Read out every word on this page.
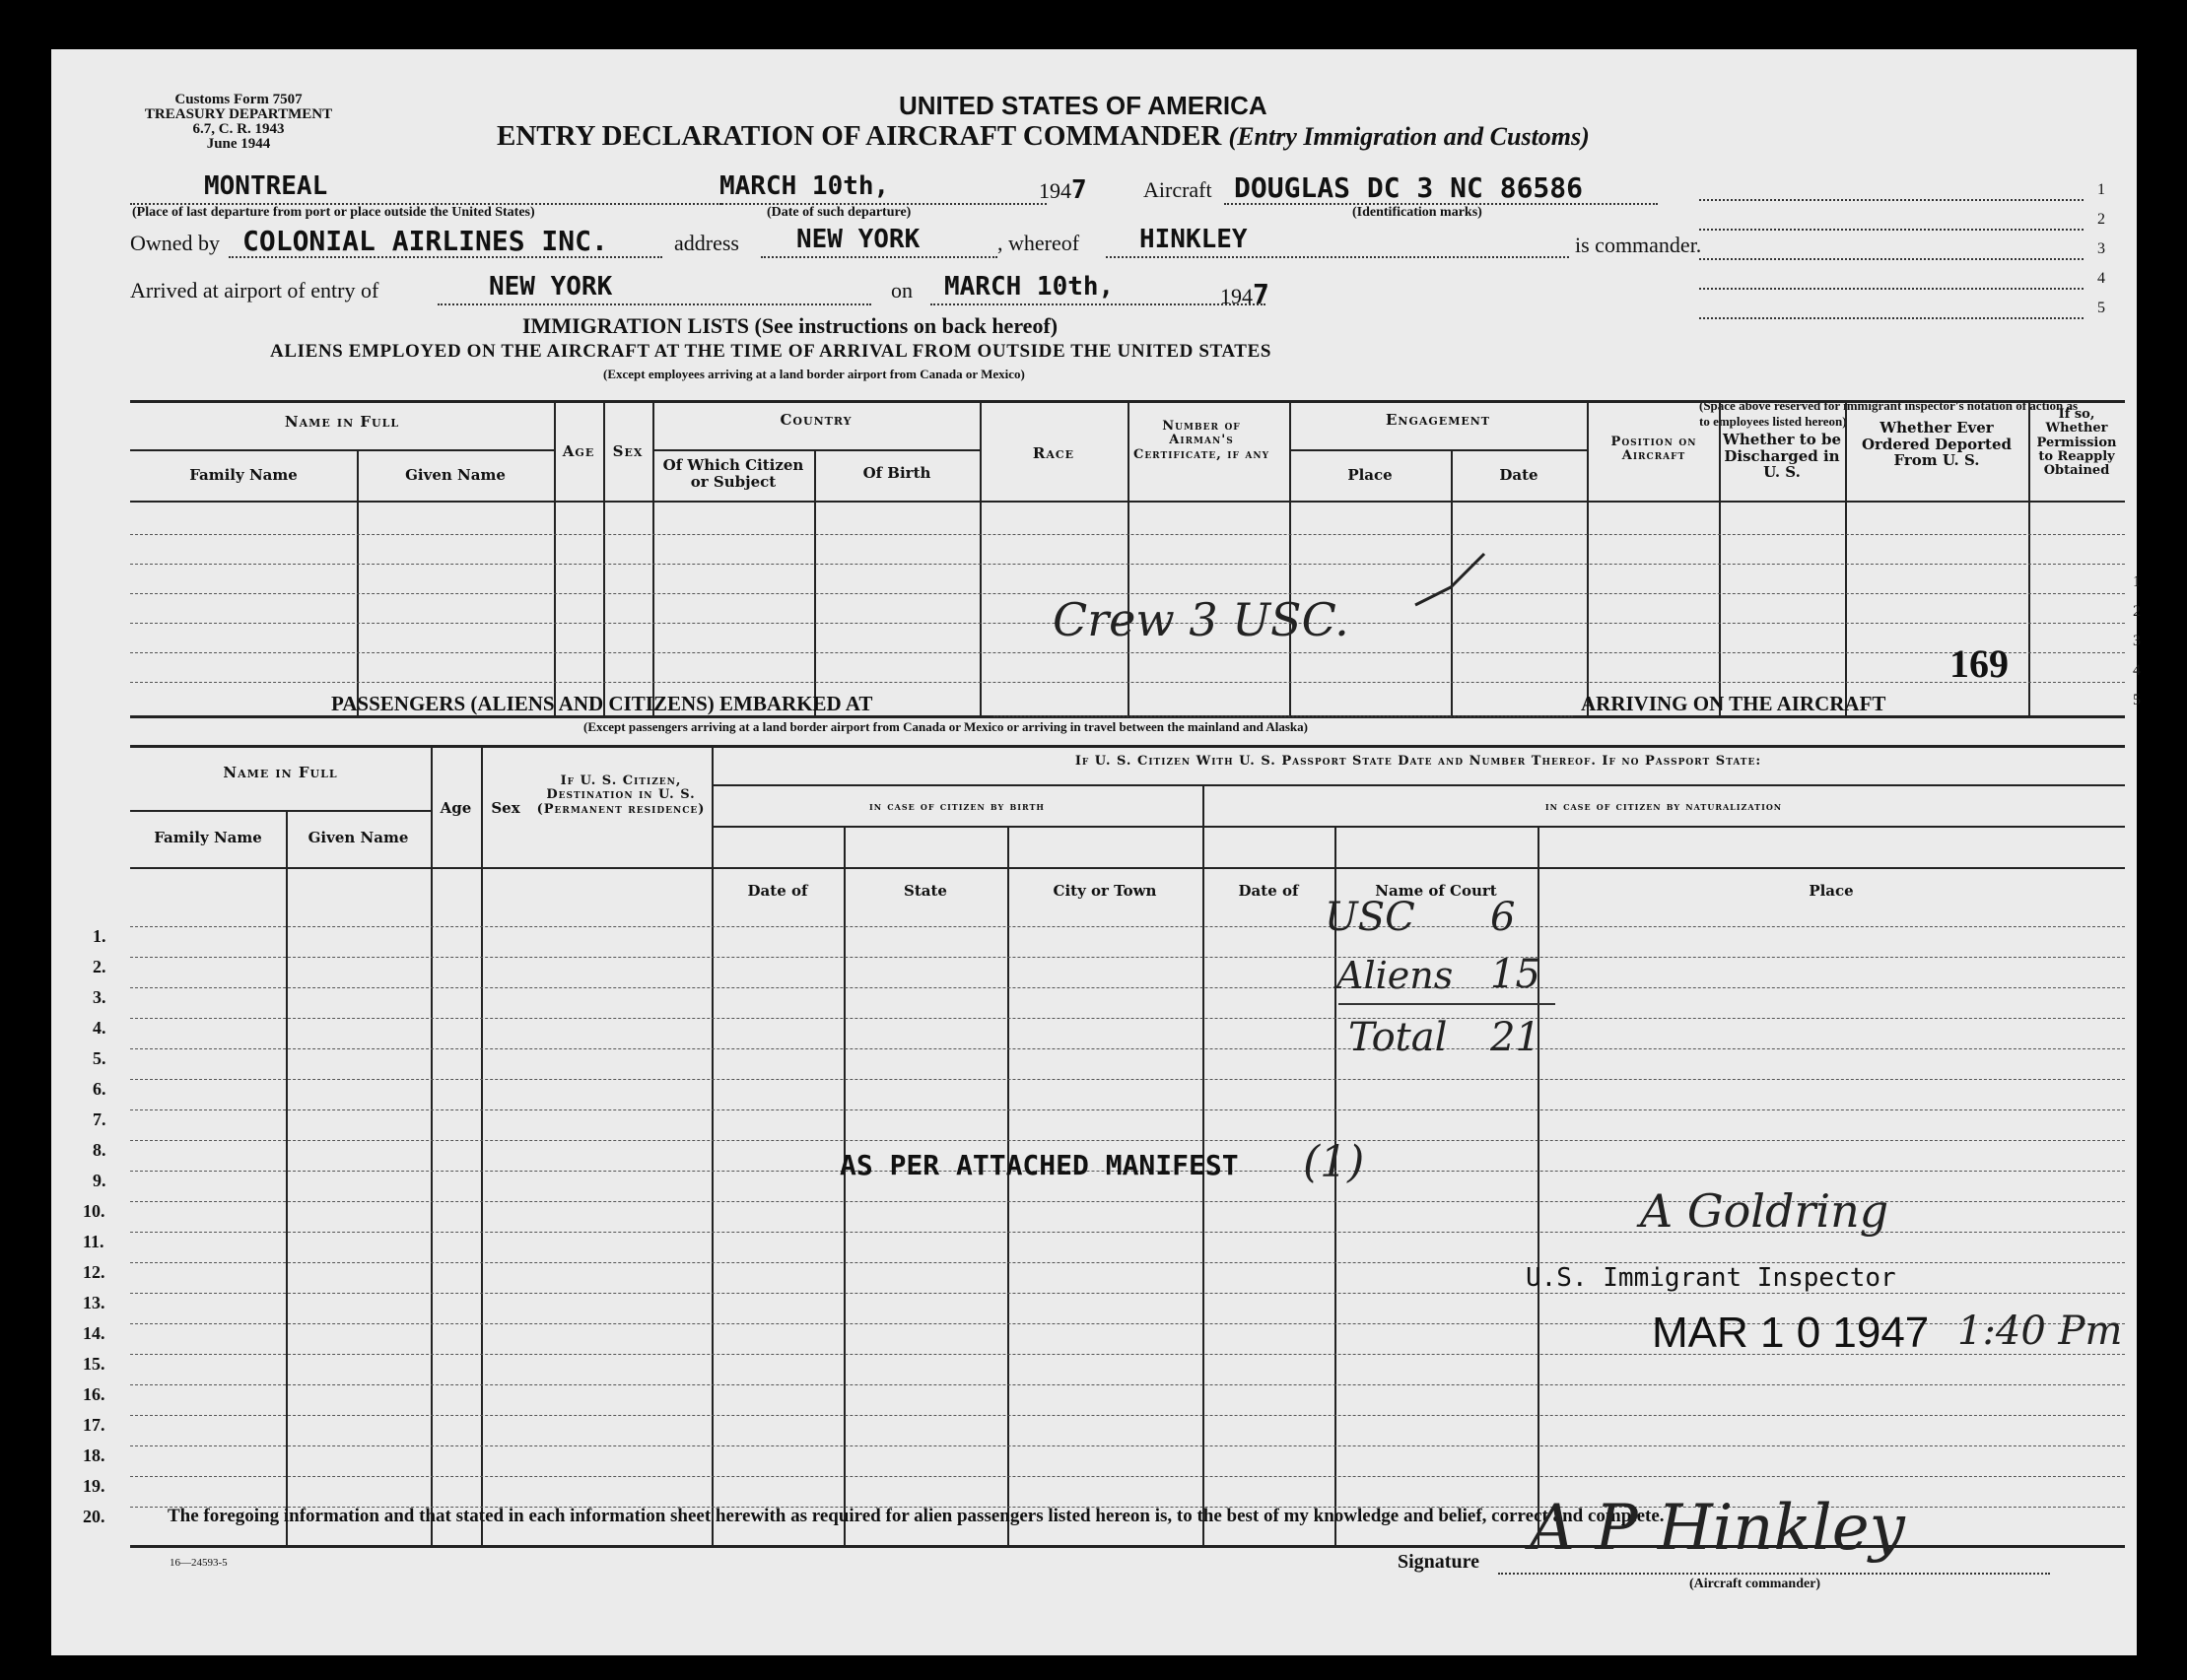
Customs Form 7507
TREASURY DEPARTMENT
6.7, C. R. 1943
June 1944
UNITED STATES OF AMERICA
ENTRY DECLARATION OF AIRCRAFT COMMANDER (Entry Immigration and Customs)
MONTREAL
(Place of last departure from port or place outside the United States)
MARCH 10th,
(Date of such departure)
1947	Aircraft DOUGLAS DC 3 NC 86586
(Identification marks)
Owned by COLONIAL AIRLINES INC.	address NEW YORK	, whereof HINKLEY	is commander.
Arrived at airport of entry of	NEW YORK	on MARCH 10th,	1947
1
2
3
4
5
(Space above reserved for immigrant inspector's notation of action as to employees listed hereon)
IMMIGRATION LISTS (See instructions on back hereof)
ALIENS EMPLOYED ON THE AIRCRAFT AT THE TIME OF ARRIVAL FROM OUTSIDE THE UNITED STATES
(Except employees arriving at a land border airport from Canada or Mexico)
Name in Full
Family Name	Given Name
Age	Sex
Country
Of Which Citizen or Subject	Of Birth
Race
Number of Airman's Certificate, if any
Engagement
Place	Date
Position on Aircraft
Whether to be Discharged in U. S.
Whether Ever Ordered Deported From U. S.
If so, Whether Permission to Reapply Obtained
1
2
3
4
5
Crew 3 USC.
169
PASSENGERS (ALIENS AND CITIZENS) EMBARKED AT	ARRIVING ON THE AIRCRAFT
(Except passengers arriving at a land border airport from Canada or Mexico or arriving in travel between the mainland and Alaska)
Name in Full
Family Name	Given Name
Age	Sex
If U. S. Citizen, Destination in U. S. (Permanent residence)
If U. S. Citizen With U. S. Passport State Date and Number Thereof. If no Passport State:
in case of citizen by birth	in case of citizen by naturalization
Date of	State	City or Town	Date of	Name of Court	Place
1.
2.
3.
4.
5.
6.
7.
8.
9.
10.
11.
12.
13.
14.
15.
16.
17.
18.
19.
20.
USC 6
Aliens 15
Total 21
AS PER ATTACHED MANIFEST (1)
A Goldring
U.S. Immigrant Inspector
MAR 1 0 1947 1:40 Pm
The foregoing information and that stated in each information sheet herewith as required for alien passengers listed hereon is, to the best of my knowledge and belief, correct and complete.
16—24593-5	Signature A P Hinkley
(Aircraft commander)
